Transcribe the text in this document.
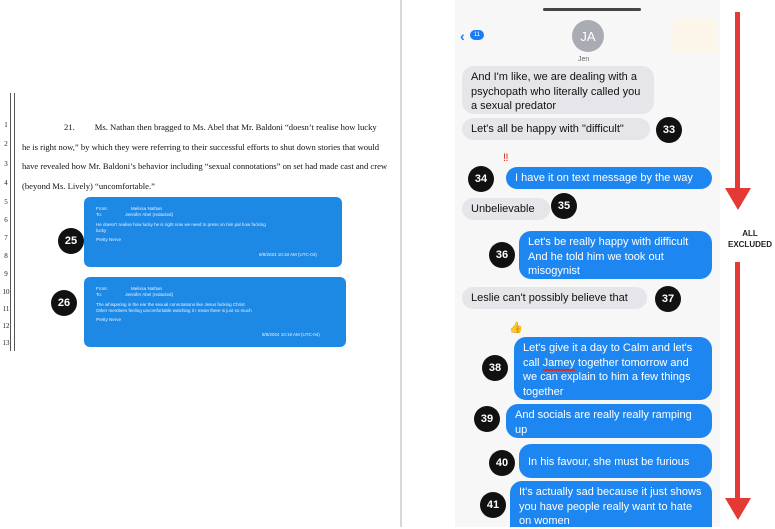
1
2
3
4
5
6
7
8
9
10
11
12
13
21. Ms. Nathan then bragged to Ms. Abel that Mr. Baldoni “doesn’t realise how lucky
he is right now,” by which they were referring to their successful efforts to shut down stories that would
have revealed how Mr. Baldoni’s behavior including “sexual connotations” on set had made cast and crew
(beyond Ms. Lively) “uncomfortable.”
From:	Melissa Nathan
To:	Jennifer Abel (redacted)
He doesn't realise how lucky he is right now we need to press on him pal how fucking
lucky
Pretty Nerve
8/8/2024 10:18 AM (UTC-04)
25
From:	Melissa Nathan
To:	Jennifer Abel (redacted)
The whispering in the ear the sexual connotations like Jesus fucking Christ
Other members feeling uncomfortable watching it I mean there is just so much
Pretty Nerve
8/8/2024 10:19 AM (UTC-04)
26
‹	11	JA
Jen
And I'm like, we are dealing with a psychopath who literally called you a sexual predator
Let's all be happy with "difficult"	33
‼
I have it on text message by the way
34
Unbelievable	35
Let's be really happy with difficult And he told him we took out misogynist
36
Leslie can't possibly believe that	37
👍
Let's give it a day to Calm and let's call Jamey together tomorrow and we can explain to him a few things together
38
And socials are really really ramping up
39
In his favour, she must be furious
40
It's actually sad because it just shows you have people really want to hate on women
41
ALL
EXCLUDED
